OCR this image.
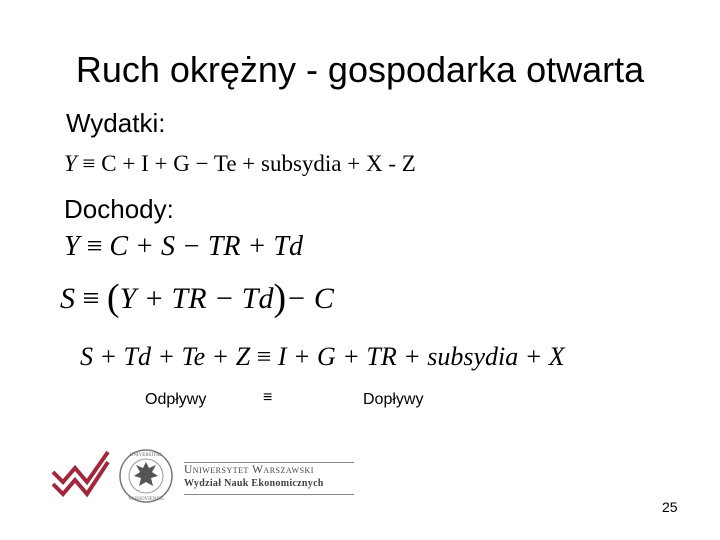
Ruch okrężny - gospodarka otwarta
Wydatki:
Y ≡ C + I + G − Te + subsydia + X - Z
Dochody:
Y ≡ C + S − TR + Td
S ≡ (Y + TR − Td)− C
S + Td + Te + Z ≡ I + G + TR + subsydia + X
Odpływy	≡	Dopływy
UNIVERSITAS
VARSOVIENSIS
Uniwersytet Warszawski
Wydział Nauk Ekonomicznych
25
